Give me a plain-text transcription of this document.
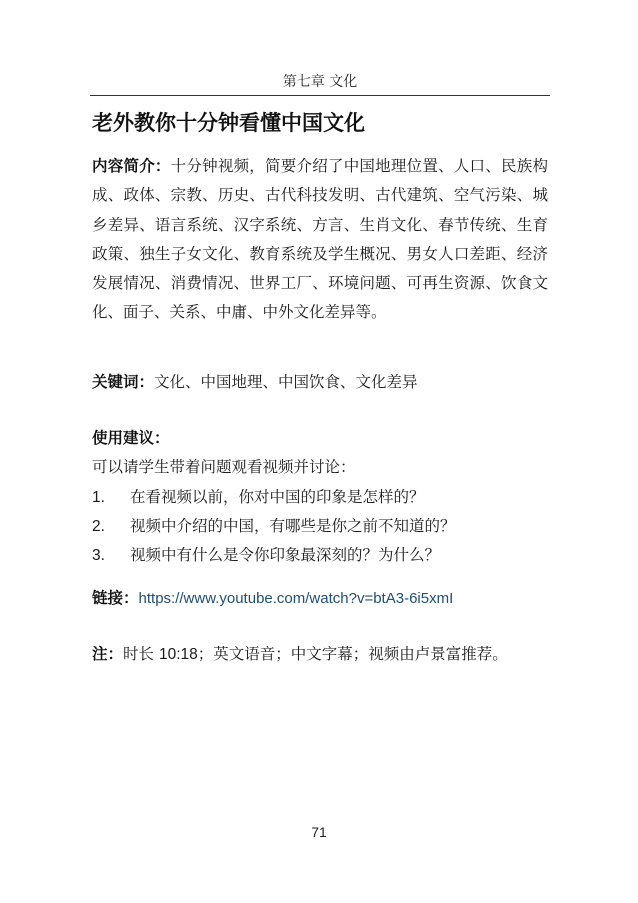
第七章 文化
老外教你十分钟看懂中国文化
内容简介：十分钟视频，简要介绍了中国地理位置、人口、民族构成、政体、宗教、历史、古代科技发明、古代建筑、空气污染、城乡差异、语言系统、汉字系统、方言、生肖文化、春节传统、生育政策、独生子女文化、教育系统及学生概况、男女人口差距、经济发展情况、消费情况、世界工厂、环境问题、可再生资源、饮食文化、面子、关系、中庸、中外文化差异等。
关键词：文化、中国地理、中国饮食、文化差异
使用建议：
可以请学生带着问题观看视频并讨论：
1.	在看视频以前，你对中国的印象是怎样的？
2.	视频中介绍的中国，有哪些是你之前不知道的？
3.	视频中有什么是令你印象最深刻的？为什么？
链接：https://www.youtube.com/watch?v=btA3-6i5xmI
注：时长 10:18；英文语音；中文字幕；视频由卢景富推荐。
71
